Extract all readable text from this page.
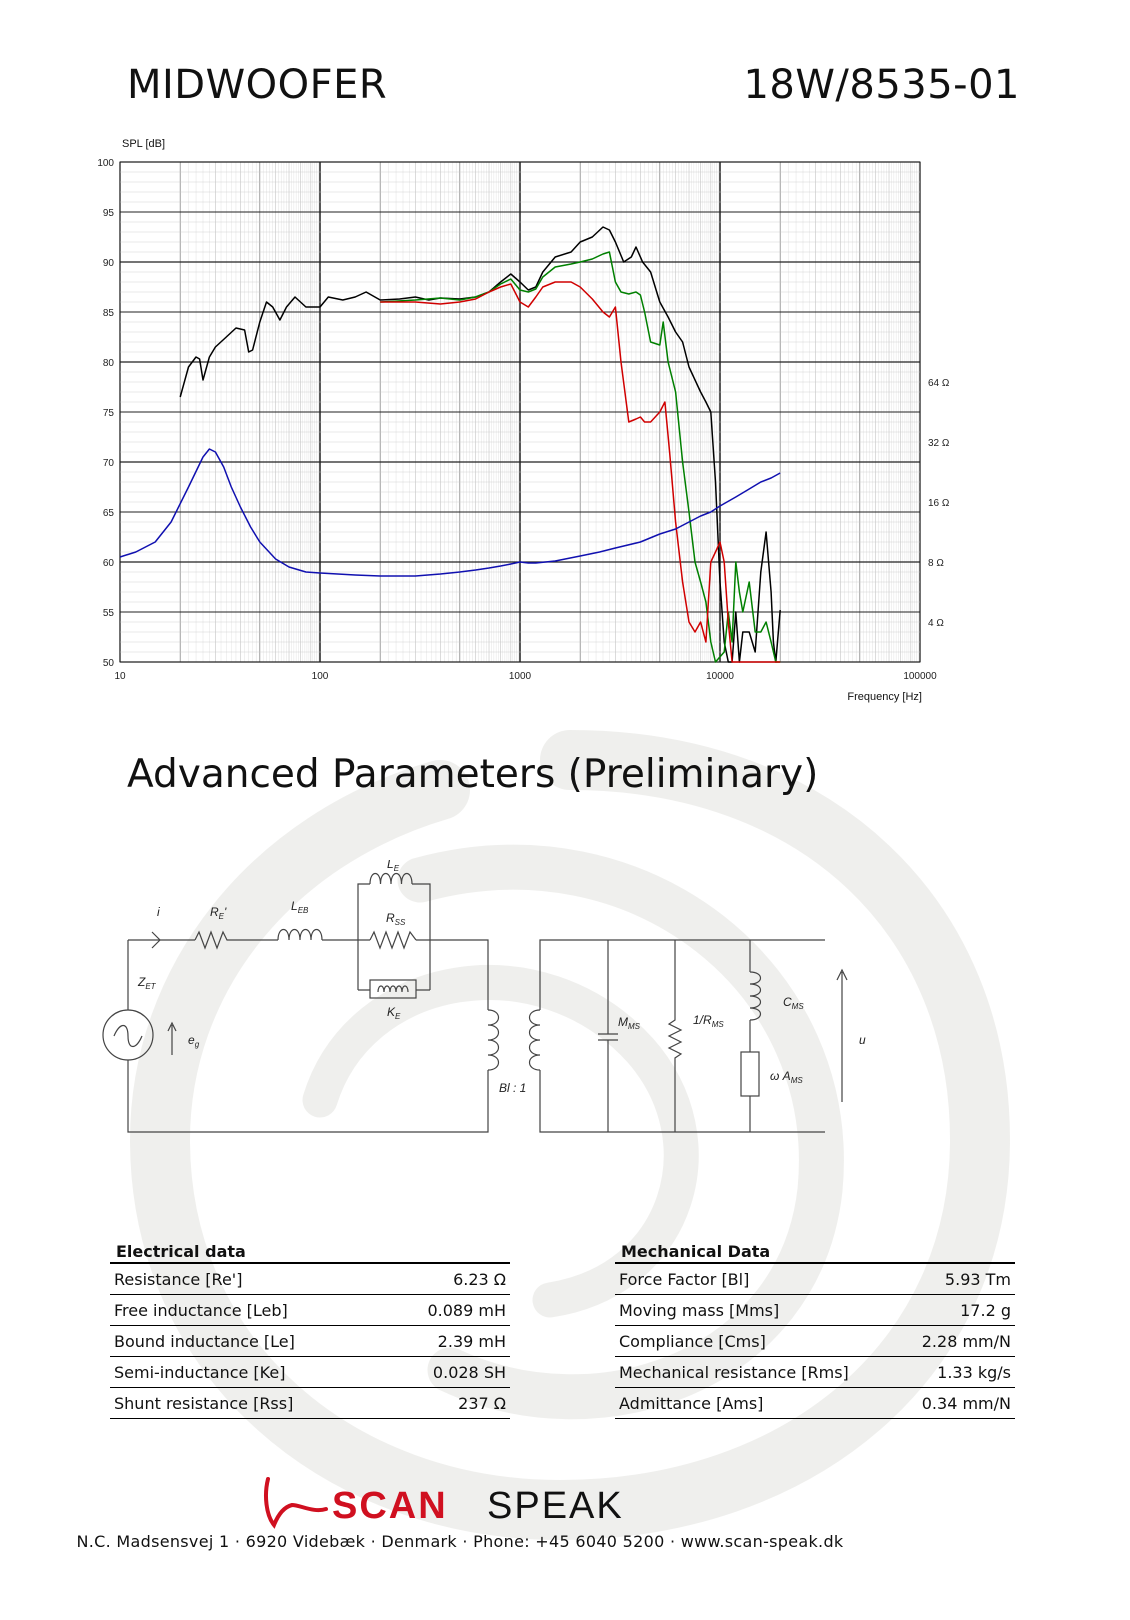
MIDWOOFER	18W/8535-01
50
55
60
65
70
75
80
85
90
95
100
10	100	1000	10000	100000
64 Ω
32 Ω
16 Ω
8 Ω
4 Ω
SPL [dB]
Frequency [Hz]
Advanced Parameters (Preliminary)
i	$R_E'$	$L_{EB}$
$L_E$
$R_{SS}$
$K_E$
$Z_{ET}$
$e_g$
Bl : 1
$M_{MS}$	$1/R_{MS}$
$C_{MS}$
ω $A_{MS}$
u
Electrical data	
Resistance [Re']	6.23 Ω
Free inductance [Leb]	0.089 mH
Bound inductance [Le]	2.39 mH
Semi-inductance [Ke]	0.028 SH
Shunt resistance [Rss]	237 Ω
Mechanical Data	
Force Factor [Bl]	5.93 Tm
Moving mass [Mms]	17.2 g
Compliance [Cms]	2.28 mm/N
Mechanical resistance [Rms]	1.33 kg/s
Admittance [Ams]	0.34 mm/N
SCAN SPEAK
N.C. Madsensvej 1 · 6920 Videbæk · Denmark · Phone: +45 6040 5200 · www.scan-speak.dk
